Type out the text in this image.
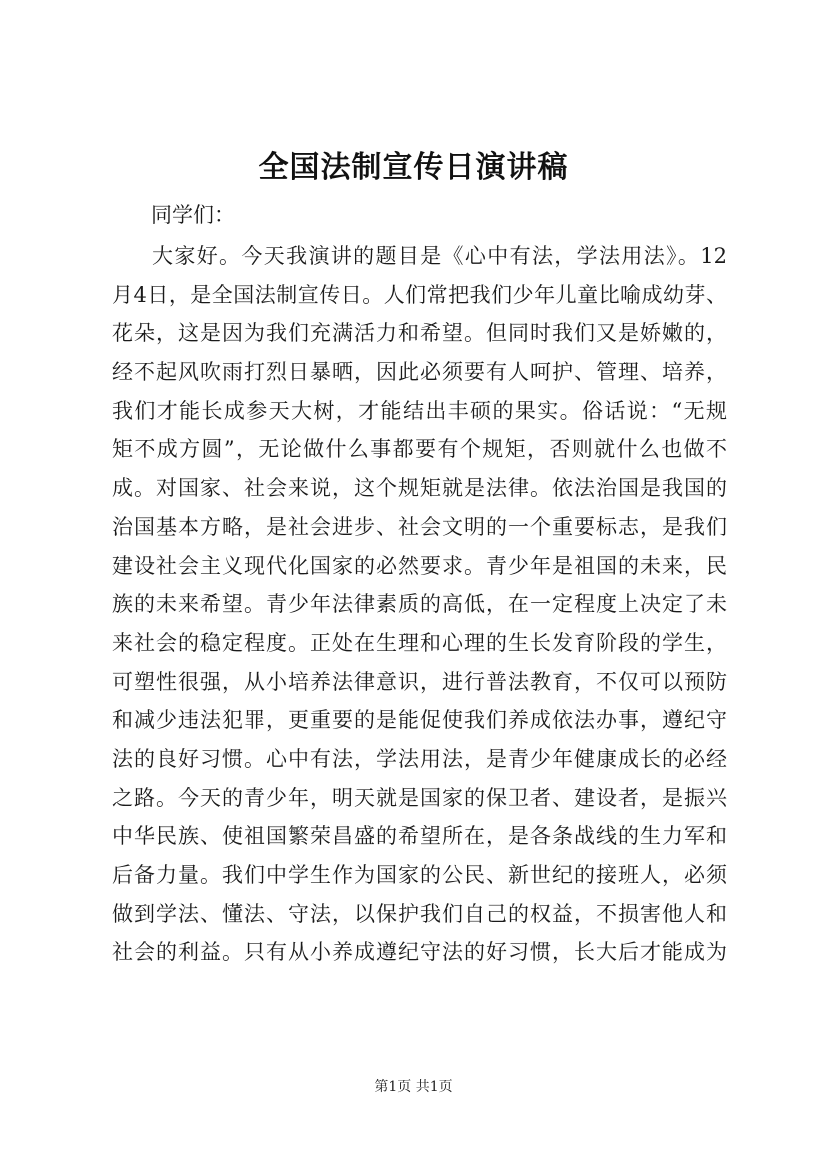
全国法制宣传日演讲稿
同学们：
大家好。今天我演讲的题目是《心中有法，学法用法》。12
月4日，是全国法制宣传日。人们常把我们少年儿童比喻成幼芽、
花朵，这是因为我们充满活力和希望。但同时我们又是娇嫩的，
经不起风吹雨打烈日暴晒，因此必须要有人呵护、管理、培养，
我们才能长成参天大树，才能结出丰硕的果实。俗话说：“无规
矩不成方圆”，无论做什么事都要有个规矩，否则就什么也做不
成。对国家、社会来说，这个规矩就是法律。依法治国是我国的
治国基本方略，是社会进步、社会文明的一个重要标志，是我们
建设社会主义现代化国家的必然要求。青少年是祖国的未来，民
族的未来希望。青少年法律素质的高低，在一定程度上决定了未
来社会的稳定程度。正处在生理和心理的生长发育阶段的学生，
可塑性很强，从小培养法律意识，进行普法教育，不仅可以预防
和减少违法犯罪，更重要的是能促使我们养成依法办事，遵纪守
法的良好习惯。心中有法，学法用法，是青少年健康成长的必经
之路。今天的青少年，明天就是国家的保卫者、建设者，是振兴
中华民族、使祖国繁荣昌盛的希望所在，是各条战线的生力军和
后备力量。我们中学生作为国家的公民、新世纪的接班人，必须
做到学法、懂法、守法，以保护我们自己的权益，不损害他人和
社会的利益。只有从小养成遵纪守法的好习惯，长大后才能成为
第1页 共1页
